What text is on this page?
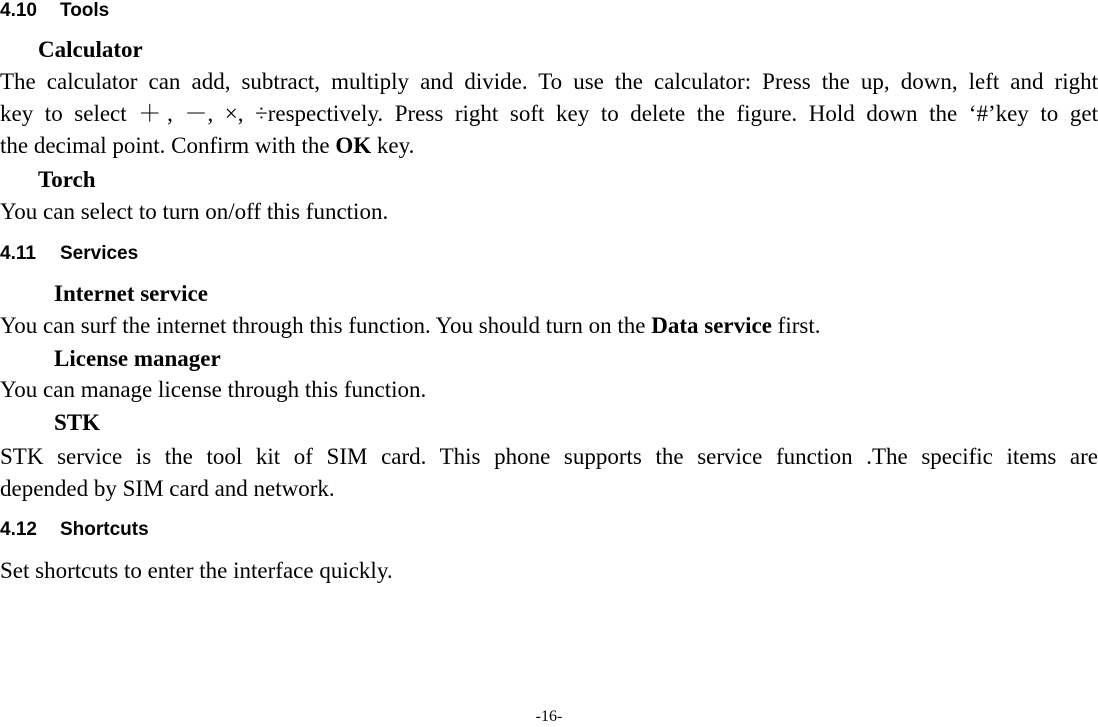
4.10 Tools
Calculator
The calculator can add, subtract, multiply and divide. To use the calculator: Press the up, down, left and right
key to select ＋, －, ×, ÷respectively. Press right soft key to delete the figure. Hold down the ‘#’key to get
the decimal point. Confirm with the OK key.
Torch
You can select to turn on/off this function.
4.11 Services
Internet service
You can surf the internet through this function. You should turn on the Data service first.
License manager
You can manage license through this function.
STK
STK service is the tool kit of SIM card. This phone supports the service function .The specific items are
depended by SIM card and network.
4.12 Shortcuts
Set shortcuts to enter the interface quickly.
-16-
